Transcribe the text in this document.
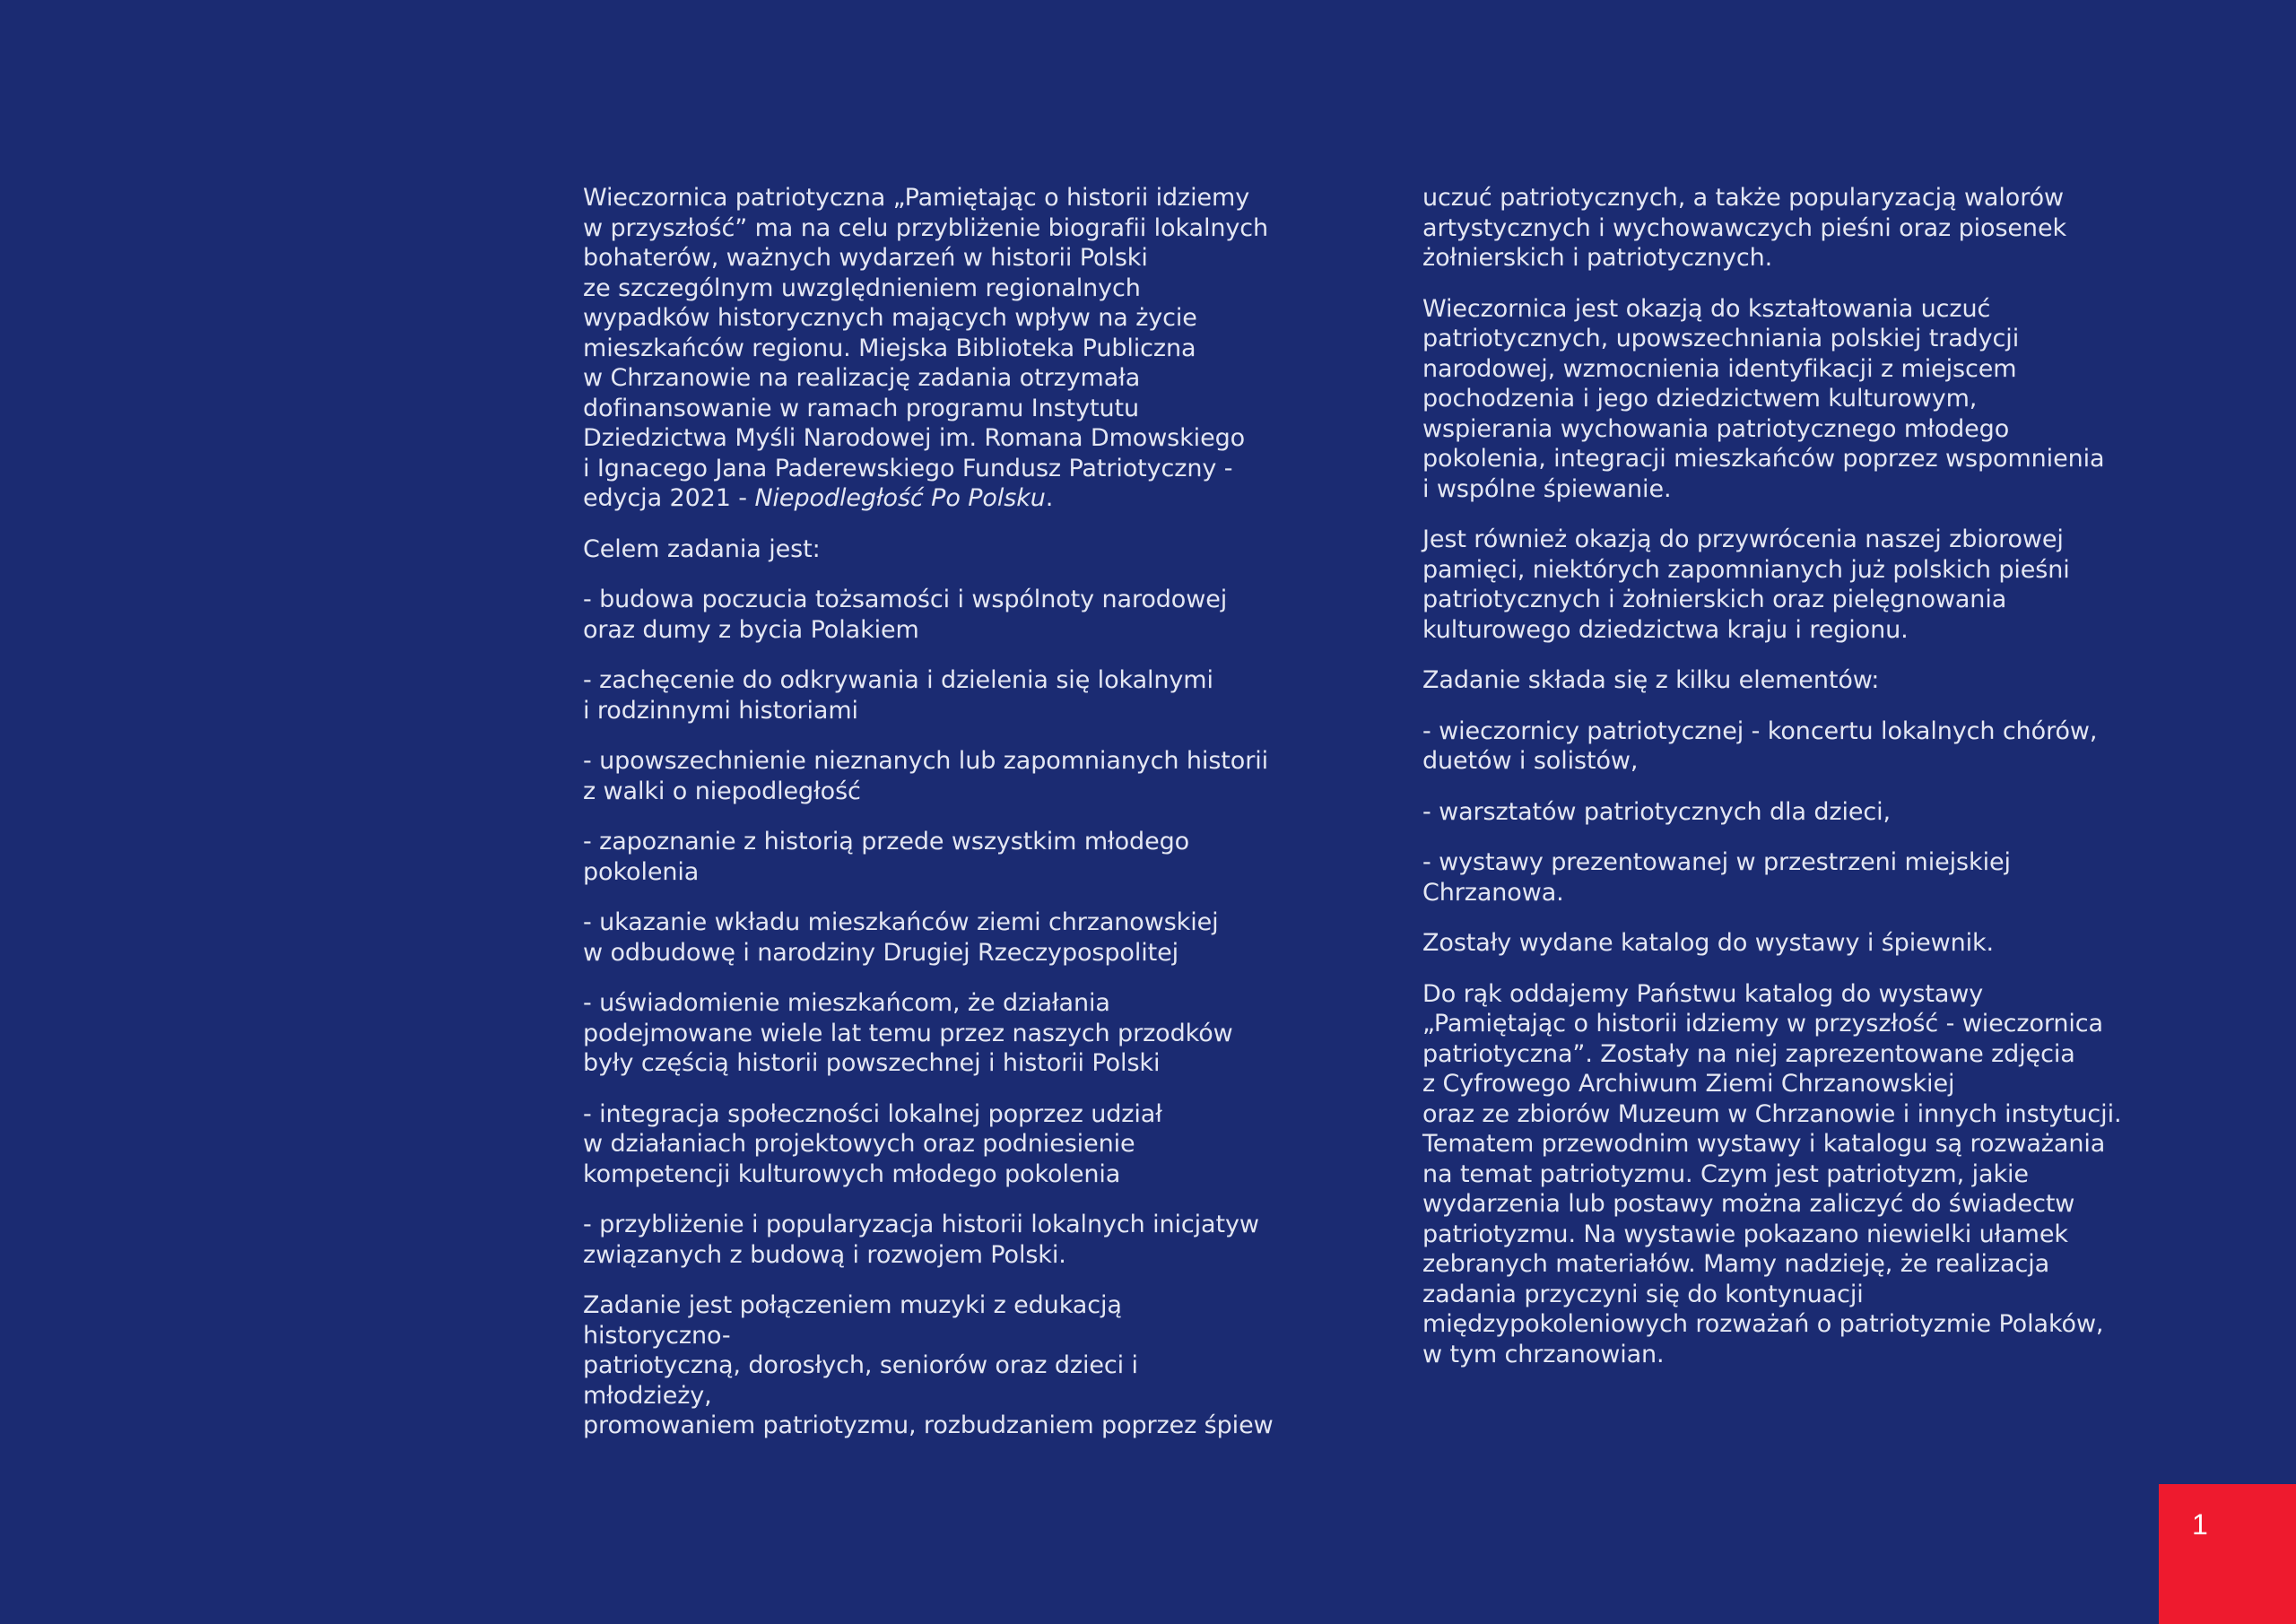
Wieczornica patriotyczna „Pamiętając o historii idziemy
w przyszłość” ma na celu przybliżenie biografii lokalnych
bohaterów, ważnych wydarzeń w historii Polski
ze szczególnym uwzględnieniem regionalnych
wypadków historycznych mających wpływ na życie
mieszkańców regionu. Miejska Biblioteka Publiczna
w Chrzanowie na realizację zadania otrzymała
dofinansowanie w ramach programu Instytutu
Dziedzictwa Myśli Narodowej im. Romana Dmowskiego
i Ignacego Jana Paderewskiego Fundusz Patriotyczny -
edycja 2021 - Niepodległość Po Polsku.

Celem zadania jest:

- budowa poczucia tożsamości i wspólnoty narodowej
oraz dumy z bycia Polakiem

- zachęcenie do odkrywania i dzielenia się lokalnymi
i rodzinnymi historiami

- upowszechnienie nieznanych lub zapomnianych historii
z walki o niepodległość

- zapoznanie z historią przede wszystkim młodego
pokolenia

- ukazanie wkładu mieszkańców ziemi chrzanowskiej
w odbudowę i narodziny Drugiej Rzeczypospolitej

- uświadomienie mieszkańcom, że działania
podejmowane wiele lat temu przez naszych przodków
były częścią historii powszechnej i historii Polski

- integracja społeczności lokalnej poprzez udział
w działaniach projektowych oraz podniesienie
kompetencji kulturowych młodego pokolenia

- przybliżenie i popularyzacja historii lokalnych inicjatyw
związanych z budową i rozwojem Polski.

Zadanie jest połączeniem muzyki z edukacją historyczno-
patriotyczną, dorosłych, seniorów oraz dzieci i młodzieży,
promowaniem patriotyzmu, rozbudzaniem poprzez śpiew

uczuć patriotycznych, a także popularyzacją walorów
artystycznych i wychowawczych pieśni oraz piosenek
żołnierskich i patriotycznych.

Wieczornica jest okazją do kształtowania uczuć
patriotycznych, upowszechniania polskiej tradycji
narodowej, wzmocnienia identyfikacji z miejscem
pochodzenia i jego dziedzictwem kulturowym,
wspierania wychowania patriotycznego młodego
pokolenia, integracji mieszkańców poprzez wspomnienia
i wspólne śpiewanie.

Jest również okazją do przywrócenia naszej zbiorowej
pamięci, niektórych zapomnianych już polskich pieśni
patriotycznych i żołnierskich oraz pielęgnowania
kulturowego dziedzictwa kraju i regionu.

Zadanie składa się z kilku elementów:

- wieczornicy patriotycznej - koncertu lokalnych chórów,
duetów i solistów,

- warsztatów patriotycznych dla dzieci,

- wystawy prezentowanej w przestrzeni miejskiej
Chrzanowa.

Zostały wydane katalog do wystawy i śpiewnik.

Do rąk oddajemy Państwu katalog do wystawy
„Pamiętając o historii idziemy w przyszłość - wieczornica
patriotyczna”. Zostały na niej zaprezentowane zdjęcia
z Cyfrowego Archiwum Ziemi Chrzanowskiej
oraz ze zbiorów Muzeum w Chrzanowie i innych instytucji.
Tematem przewodnim wystawy i katalogu są rozważania
na temat patriotyzmu. Czym jest patriotyzm, jakie
wydarzenia lub postawy można zaliczyć do świadectw
patriotyzmu. Na wystawie pokazano niewielki ułamek
zebranych materiałów. Mamy nadzieję, że realizacja
zadania przyczyni się do kontynuacji
międzypokoleniowych rozważań o patriotyzmie Polaków,
w tym chrzanowian.

1
